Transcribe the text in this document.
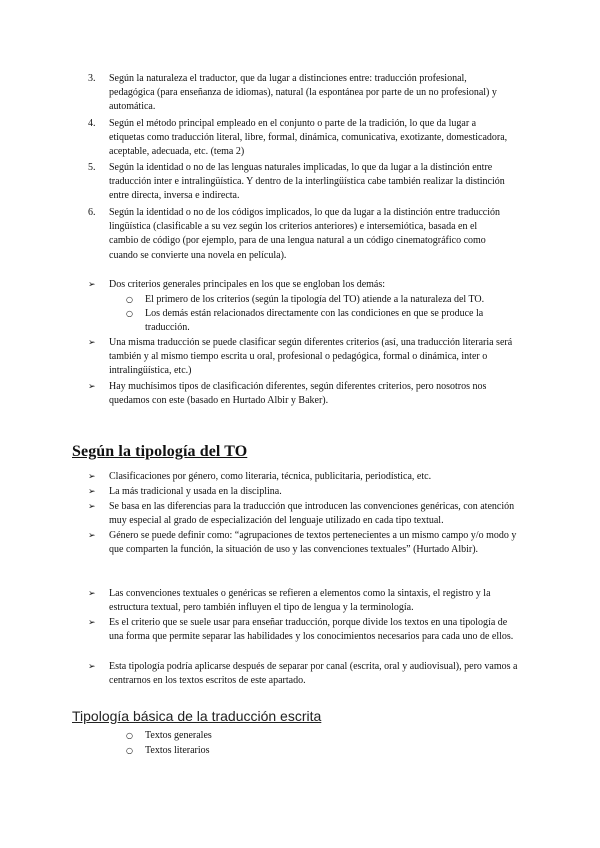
3.	Según la naturaleza el traductor, que da lugar a distinciones entre: traducción profesional, pedagógica (para enseñanza de idiomas), natural (la espontánea por parte de un no profesional) y automática.
4.	Según el método principal empleado en el conjunto o parte de la tradición, lo que da lugar a etiquetas como traducción literal, libre, formal, dinámica, comunicativa, exotizante, domesticadora, aceptable, adecuada, etc. (tema 2)
5.	Según la identidad o no de las lenguas naturales implicadas, lo que da lugar a la distinción entre traducción inter e intralingüística. Y dentro de la interlingüística cabe también realizar la distinción entre directa, inversa e indirecta.
6.	Según la identidad o no de los códigos implicados, lo que da lugar a la distinción entre traducción lingüística (clasificable a su vez según los criterios anteriores) e intersemiótica, basada en el cambio de código (por ejemplo, para de una lengua natural a un código cinematográfico como cuando se convierte una novela en película).
➢	Dos criterios generales principales en los que se engloban los demás:
○	El primero de los criterios (según la tipología del TO) atiende a la naturaleza del TO.
○	Los demás están relacionados directamente con las condiciones en que se produce la traducción.
➢	Una misma traducción se puede clasificar según diferentes criterios (así, una traducción literaria será también y al mismo tiempo escrita u oral, profesional o pedagógica, formal o dinámica, inter o intralingüística, etc.)
➢	Hay muchísimos tipos de clasificación diferentes, según diferentes criterios, pero nosotros nos quedamos con este (basado en Hurtado Albir y Baker).
Según la tipología del TO
➢	Clasificaciones por género, como literaria, técnica, publicitaria, periodística, etc.
➢	La más tradicional y usada en la disciplina.
➢	Se basa en las diferencias para la traducción que introducen las convenciones genéricas, con atención muy especial al grado de especialización del lenguaje utilizado en cada tipo textual.
➢	Género se puede definir como: “agrupaciones de textos pertenecientes a un mismo campo y/o modo y que comparten la función, la situación de uso y las convenciones textuales” (Hurtado Albir).
➢	Las convenciones textuales o genéricas se refieren a elementos como la sintaxis, el registro y la estructura textual, pero también influyen el tipo de lengua y la terminología.
➢	Es el criterio que se suele usar para enseñar traducción, porque divide los textos en una tipología de una forma que permite separar las habilidades y los conocimientos necesarios para cada uno de ellos.
➢	Esta tipología podría aplicarse después de separar por canal (escrita, oral y audiovisual), pero vamos a centrarnos en los textos escritos de este apartado.
Tipología básica de la traducción escrita
○	Textos generales
○	Textos literarios
